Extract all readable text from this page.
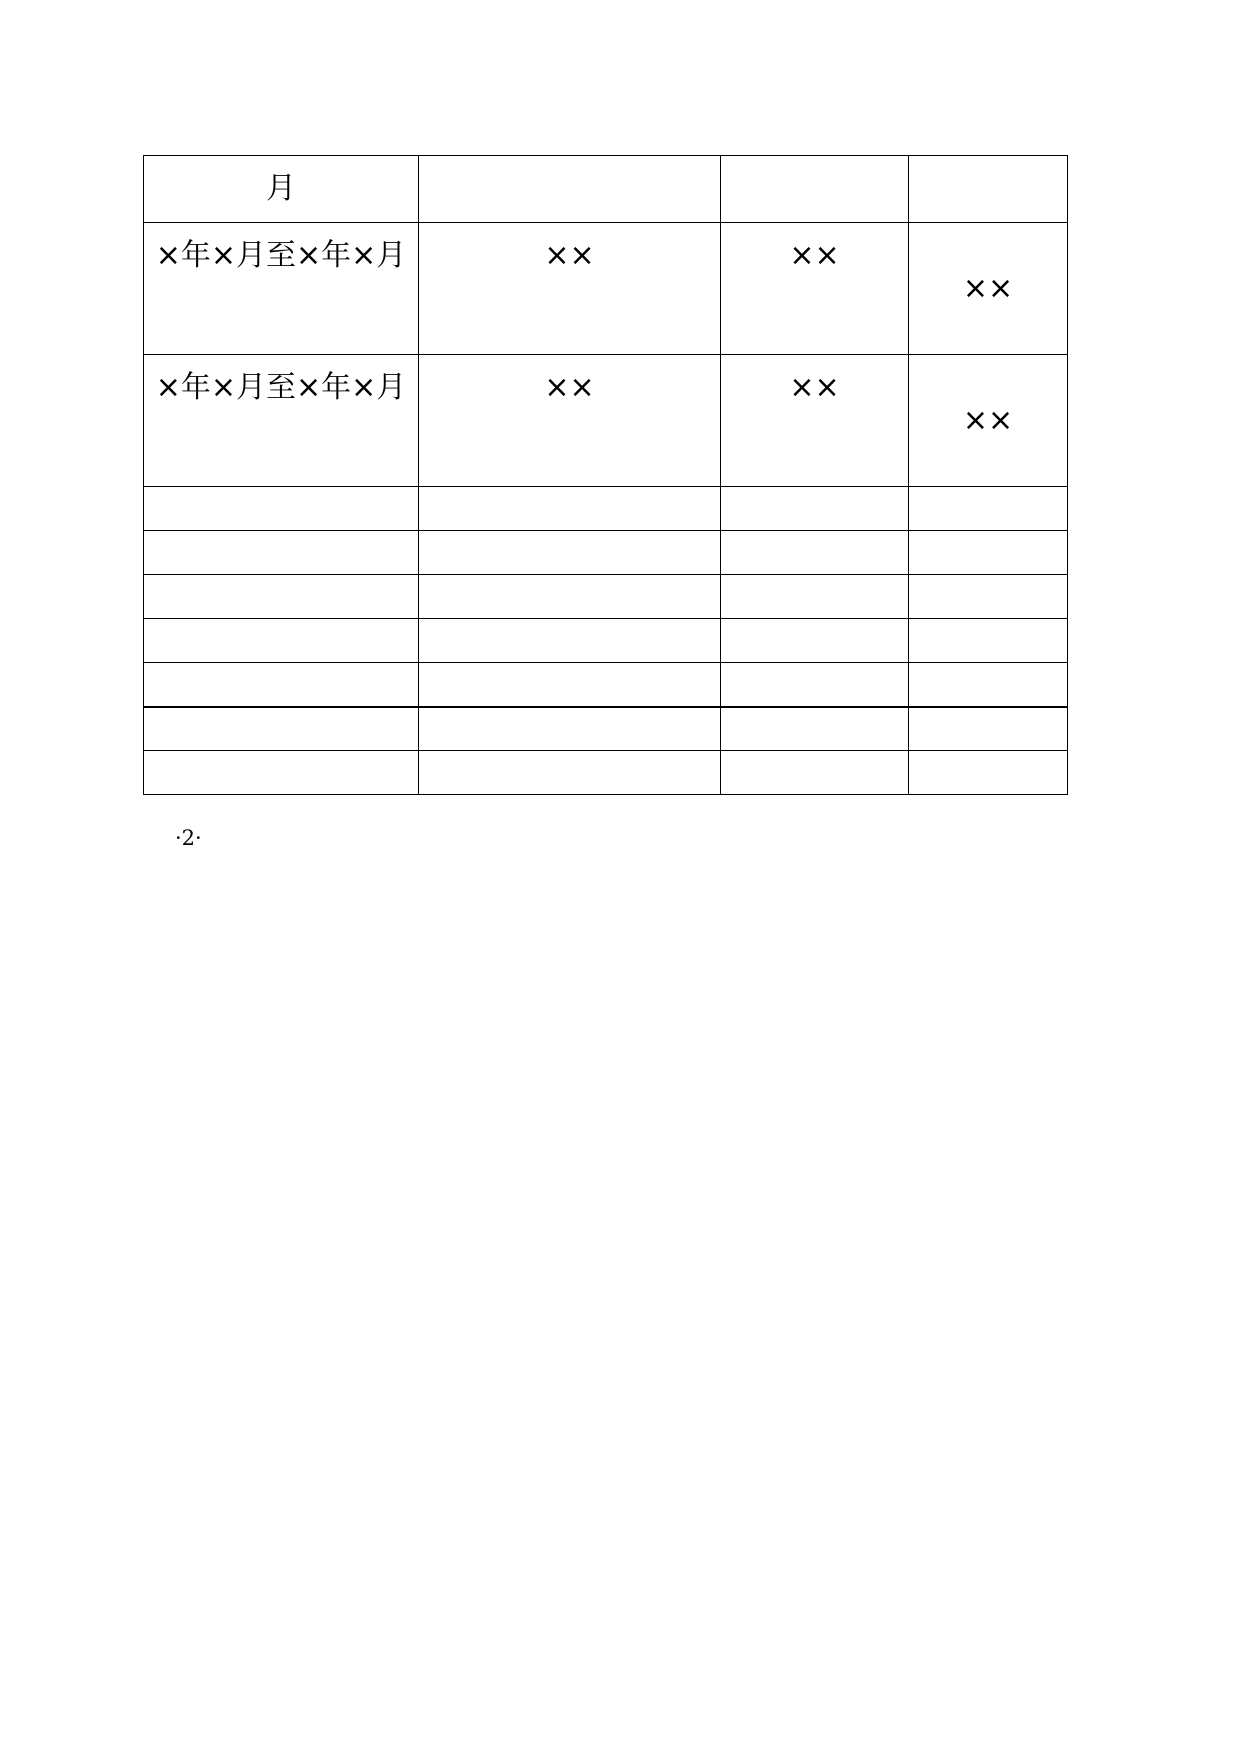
月			

×年×月至×年×月	××	××	××

×年×月至×年×月	××	××	××

·2·
